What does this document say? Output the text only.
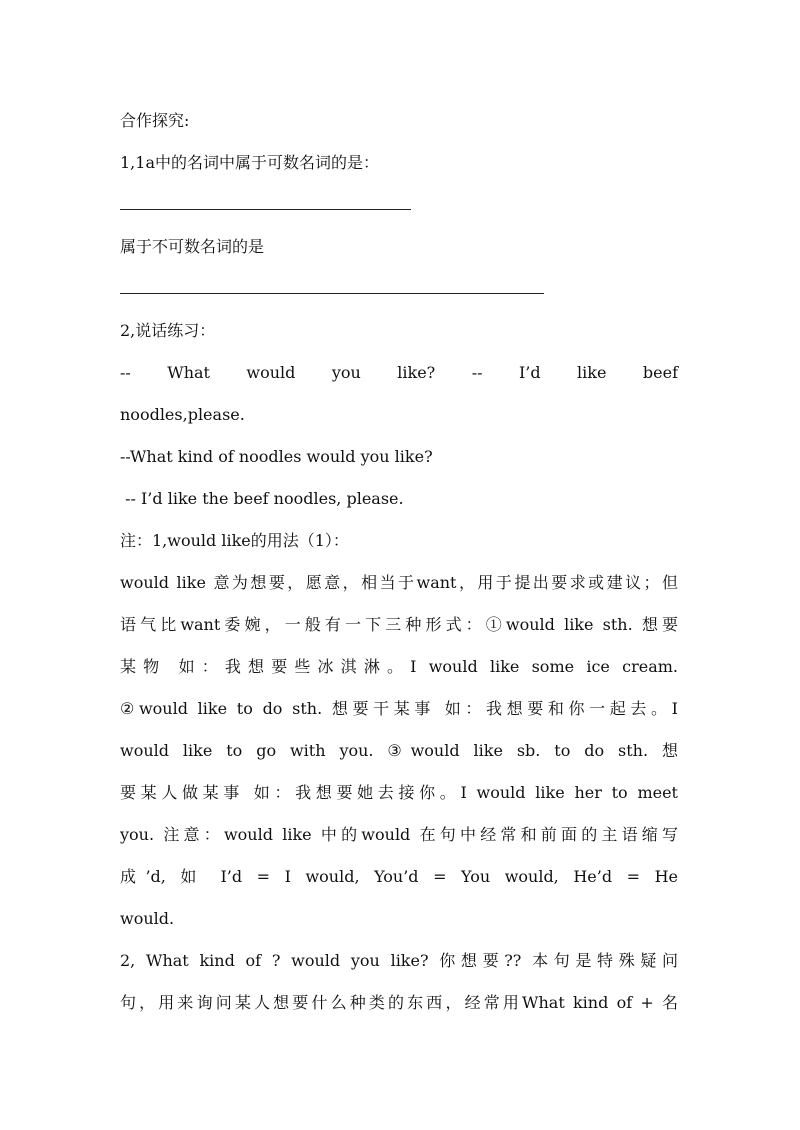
合作探究:
1,1a中的名词中属于可数名词的是：
属于不可数名词的是
2,说话练习：
-- What would you like? -- I’d like beef
noodles,please.
--What kind of noodles would you like?
-- I’d like the beef noodles, please.
注：1,would like的用法（1）：
would like 意为想要，愿意，相当于want，用于提出要求或建议；但
语气比want委婉，一般有一下三种形式：①would like sth. 想要
某物 如：我想要些冰淇淋。I would like some ice cream.
②would like to do sth. 想要干某事 如：我想要和你一起去。I
would like to go with you. ③would like sb. to do sth. 想
要某人做某事 如：我想要她去接你。I would like her to meet
you. 注意：would like 中的would 在句中经常和前面的主语缩写
成’d, 如 I’d = I would, You’d = You would, He’d = He
would.
2, What kind of ? would you like? 你想要?? 本句是特殊疑问
句，用来询问某人想要什么种类的东西，经常用What kind of + 名
